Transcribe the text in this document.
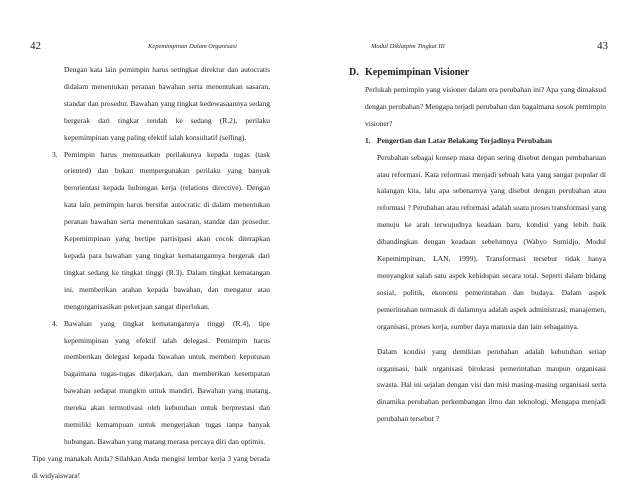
42	Kepemimpinan Dalam Organisasi

Dengan kata lain pemimpin harus setingkat direktur dan autocratis didalam menentukan peranan bawahan serta menentukan sasaran, standar dan prosedur. Bawahan yang tingkat kedewasaannya sedang bergerak dari tingkat rendah ke sedang (R.2), perilaku kepemimpinan yang paling efektif ialah konsultatif (selling).

3. Pemimpin harus memusatkan perilakunya kepada tugas (task oriented) dan bukan mempergunakan perilaku yang banyak berorientasi kepada hubungan kerja (relations directive). Dengan kata lain pemimpin harus bersifat autocratic di dalam menentukan peranan bawahan serta menentukan sasaran, standar dan prosedur. Kepemimpinan yang bertipe partisipasi akan cocok diterapkan kepada para bawahan yang tingkat kematangannya bergerak dari tingkat sedang ke tingkat tinggi (R.3). Dalam tingkat kematangan ini, memberikan arahan kepada bawahan, dan mengatur atau mengorganisasikan pekerjaan sangat diperlukan.
4. Bawahan yang tingkat kematangannya tinggi (R.4), tipe kepemimpinan yang efektif ialah delegasi. Pemimpin harus memberikan delegasi kepada bawahan untuk memberi keputusan bagaimana tugas-tugas dikerjakan, dan memberikan kesempatan bawahan sedapat mungkin untuk mandiri. Bawahan yang matang, mereka akan termotivasi oleh kebutuhan untuk berprestasi dan memiliki kemampuan untuk mengerjakan tugas tanpa banyak hubungan. Bawahan yang matang merasa percaya diri dan optimis.

Tipe yang manakah Anda? Silahkan Anda mengisi lembar kerja 3 yang berada di widyaiswara!

Modul Diklatpim Tingkat III	43
D. Kepemimpinan Visioner

Perlukah pemimpin yang visioner dalam era perubahan ini? Apa yang dimaksud dengan perubahan? Mengapa terjadi perubahan dan bagaimana sosok pemimpin visioner?

1. Pengertian dan Latar Belakang Terjadinya Perubahan

Perubahan sebagai konsep masa depan sering disebut dengan pembaharuan atau reformasi. Kata reformasi menjadi sebuah kata yang sangat popular di kalangan kita, lalu apa sebenarnya yang disebut dengan perubahan atau reformasi ? Perubahan atau reformasi adalah suatu proses transformasi yang menuju ke arah terwujudnya keadaan baru, kondisi yang lebih baik dibandingkan dengan keadaan sebelumnya (Wahyo Sumidjo, Modul Kepemimpinan, LAN, 1999). Transformasi tersebut tidak hanya menyangkut salah satu aspek kehidupan secara total. Seperti dalam bidang sosial, politik, ekonomi pemerintahan dan budaya. Dalam aspek pemerintahan termasuk di dalamnya adalah aspek administrasi, manajemen, organisasi, proses kerja, sumber daya manusia dan lain sebagainya.

Dalam kondisi yang demikian perubahan adalah kebutuhan setiap organisasi, baik organisasi birokrasi pemerintahan maupun organisasi swasta. Hal ini sejalan dengan visi dan misi masing-masing organisasi serta dinamika perubahan perkembangan ilmu dan teknologi. Mengapa menjadi perubahan tersebut ?
